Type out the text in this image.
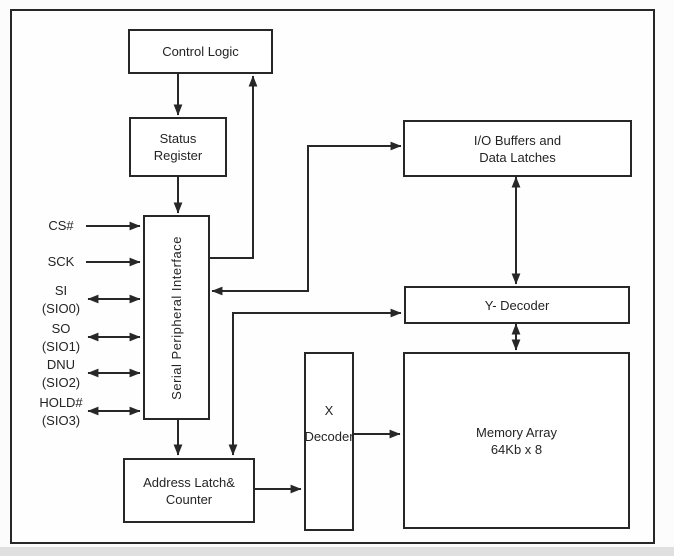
Control Logic
Status
Register
Serial Peripheral Interface
I/O Buffers and
Data Latches
Y- Decoder
X
Decoder	Memory Array
64Kb x 8
Address Latch&
Counter
CS#
SCK
SI
(SIO0)
SO
(SIO1)
DNU
(SIO2)
HOLD#
(SIO3)
